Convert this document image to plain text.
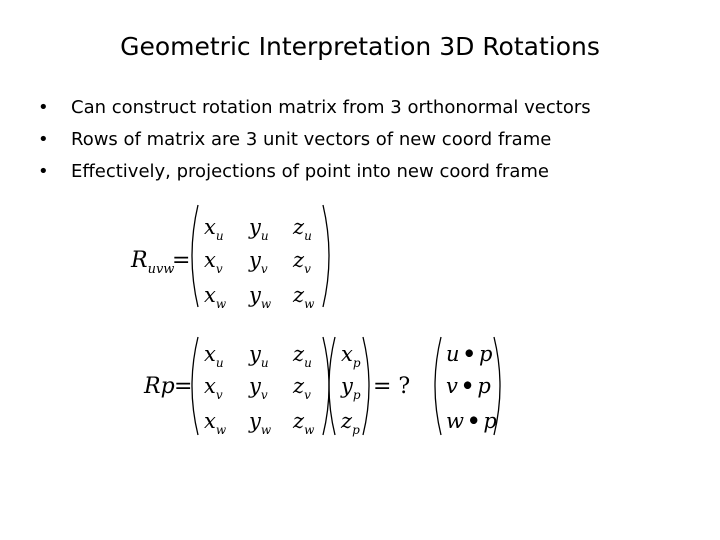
Geometric Interpretation 3D Rotations
• Can construct rotation matrix from 3 orthonormal vectors
• Rows of matrix are 3 unit vectors of new coord frame
• Effectively, projections of point into new coord frame
$R_{uvw}$
=
$x_u$ $y_u$ $z_u$
$x_v$ $y_v$ $z_v$
$x_w$ $y_w$ $z_w$
Rp =	= ?
$x_u$ $y_u$ $z_u$
$x_v$ $y_v$ $z_v$
$x_w$ $y_w$ $z_w$
$x_p$
$y_p$
$z_p$
u • p
v • p
w • p
